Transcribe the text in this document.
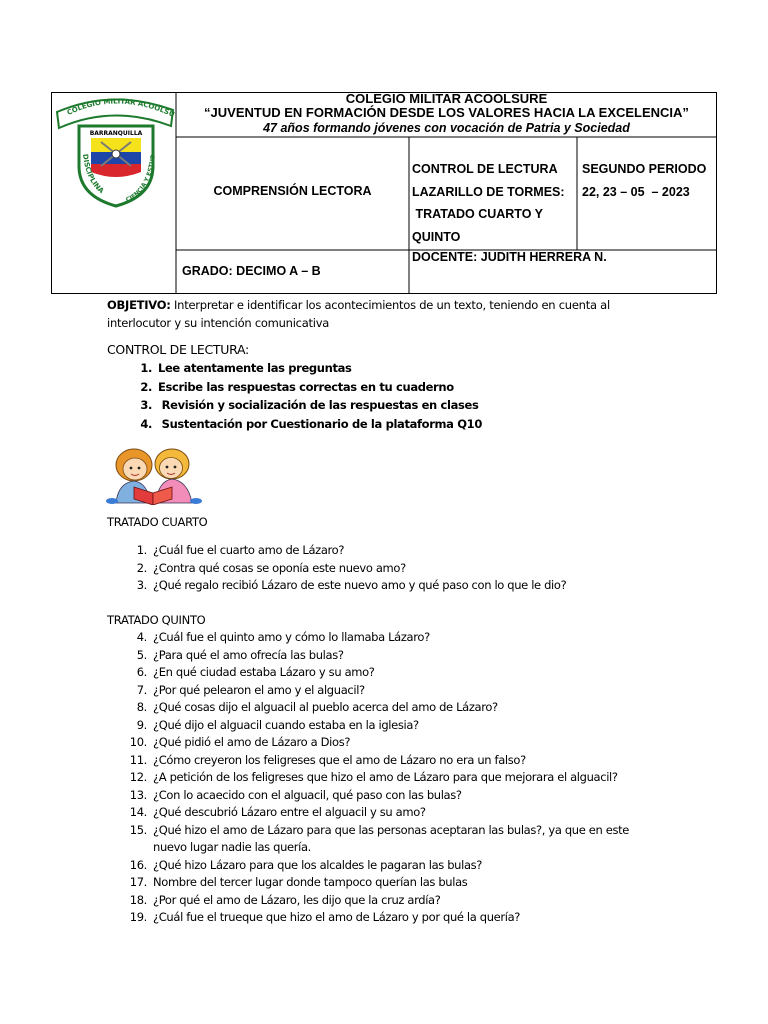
COLEGIO MILITAR ACOOLSU
BARRANQUILLA
DISCIPLINA
CIENCIA Y ESTUD
COLEGIO MILITAR ACOOLSURE
“JUVENTUD EN FORMACIÓN DESDE LOS VALORES HACIA LA EXCELENCIA”
47 años formando jóvenes con vocación de Patria y Sociedad
COMPRENSIÓN LECTORA
CONTROL DE LECTURA
LAZARILLO DE TORMES:
TRATADO CUARTO Y
QUINTO
SEGUNDO PERIODO
22, 23 – 05  – 2023
GRADO: DECIMO A – B
DOCENTE: JUDITH HERRERA N.
OBJETIVO: Interpretar e identificar los acontecimientos de un texto, teniendo en cuenta al interlocutor y su intención comunicativa
CONTROL DE LECTURA:
1. Lee atentamente las preguntas
2. Escribe las respuestas correctas en tu cuaderno
3. Revisión y socialización de las respuestas en clases
4. Sustentación por Cuestionario de la plataforma Q10
TRATADO CUARTO
1. ¿Cuál fue el cuarto amo de Lázaro?
2. ¿Contra qué cosas se oponía este nuevo amo?
3. ¿Qué regalo recibió Lázaro de este nuevo amo y qué paso con lo que le dio?
TRATADO QUINTO
4. ¿Cuál fue el quinto amo y cómo lo llamaba Lázaro?
5. ¿Para qué el amo ofrecía las bulas?
6. ¿En qué ciudad estaba Lázaro y su amo?
7. ¿Por qué pelearon el amo y el alguacil?
8. ¿Qué cosas dijo el alguacil al pueblo acerca del amo de Lázaro?
9. ¿Qué dijo el alguacil cuando estaba en la iglesia?
10. ¿Qué pidió el amo de Lázaro a Dios?
11. ¿Cómo creyeron los feligreses que el amo de Lázaro no era un falso?
12. ¿A petición de los feligreses que hizo el amo de Lázaro para que mejorara el alguacil?
13. ¿Con lo acaecido con el alguacil, qué paso con las bulas?
14. ¿Qué descubrió Lázaro entre el alguacil y su amo?
15. ¿Qué hizo el amo de Lázaro para que las personas aceptaran las bulas?, ya que en este nuevo lugar nadie las quería.
16. ¿Qué hizo Lázaro para que los alcaldes le pagaran las bulas?
17. Nombre del tercer lugar donde tampoco querían las bulas
18. ¿Por qué el amo de Lázaro, les dijo que la cruz ardía?
19. ¿Cuál fue el trueque que hizo el amo de Lázaro y por qué la quería?
